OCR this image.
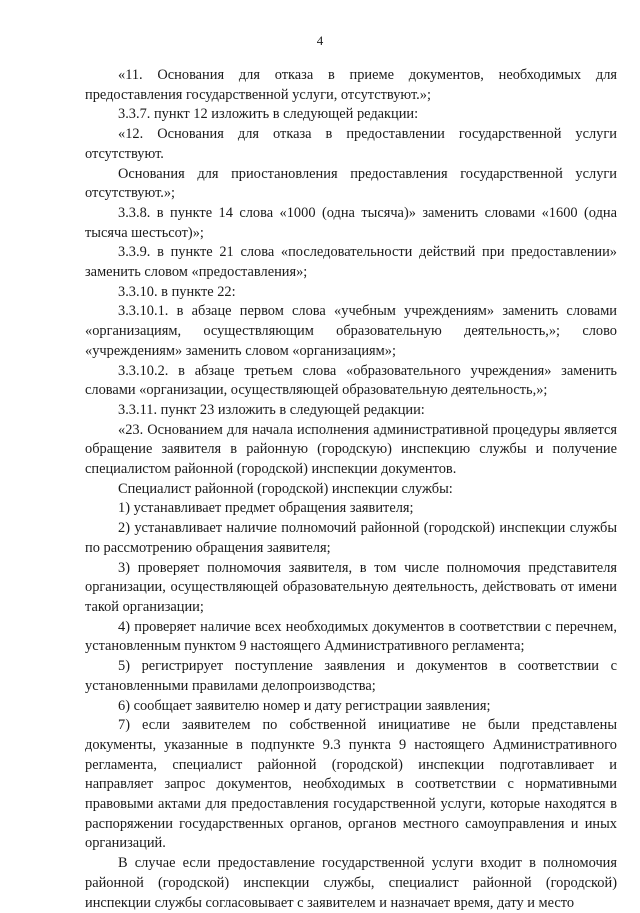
4

«11. Основания для отказа в приеме документов, необходимых для предоставления государственной услуги, отсутствуют.»;

3.3.7. пункт 12 изложить в следующей редакции:

«12. Основания для отказа в предоставлении государственной услуги отсутствуют.

Основания для приостановления предоставления государственной услуги отсутствуют.»;

3.3.8. в пункте 14 слова «1000 (одна тысяча)» заменить словами «1600 (одна тысяча шестьсот)»;

3.3.9. в пункте 21 слова «последовательности действий при предоставлении» заменить словом «предоставления»;

3.3.10. в пункте 22:

3.3.10.1. в абзаце первом слова «учебным учреждениям» заменить словами «организациям, осуществляющим образовательную деятельность,»; слово «учреждениям» заменить словом «организациям»;

3.3.10.2. в абзаце третьем слова «образовательного учреждения» заменить словами «организации, осуществляющей образовательную деятельность,»;

3.3.11. пункт 23 изложить в следующей редакции:

«23. Основанием для начала исполнения административной процедуры является обращение заявителя в районную (городскую) инспекцию службы и получение специалистом районной (городской) инспекции документов.

Специалист районной (городской) инспекции службы:

1) устанавливает предмет обращения заявителя;

2) устанавливает наличие полномочий районной (городской) инспекции службы по рассмотрению обращения заявителя;

3) проверяет полномочия заявителя, в том числе полномочия представителя организации, осуществляющей образовательную деятельность, действовать от имени такой организации;

4) проверяет наличие всех необходимых документов в соответствии с перечнем, установленным пунктом 9 настоящего Административного регламента;

5) регистрирует поступление заявления и документов в соответствии с установленными правилами делопроизводства;

6) сообщает заявителю номер и дату регистрации заявления;

7) если заявителем по собственной инициативе не были представлены документы, указанные в подпункте 9.3 пункта 9 настоящего Административного регламента, специалист районной (городской) инспекции подготавливает и направляет запрос документов, необходимых в соответствии с нормативными правовыми актами для предоставления государственной услуги, которые находятся в распоряжении государственных органов, органов местного самоуправления и иных организаций.

В случае если предоставление государственной услуги входит в полномочия районной (городской) инспекции службы, специалист районной (городской) инспекции службы согласовывает с заявителем и назначает время, дату и место
